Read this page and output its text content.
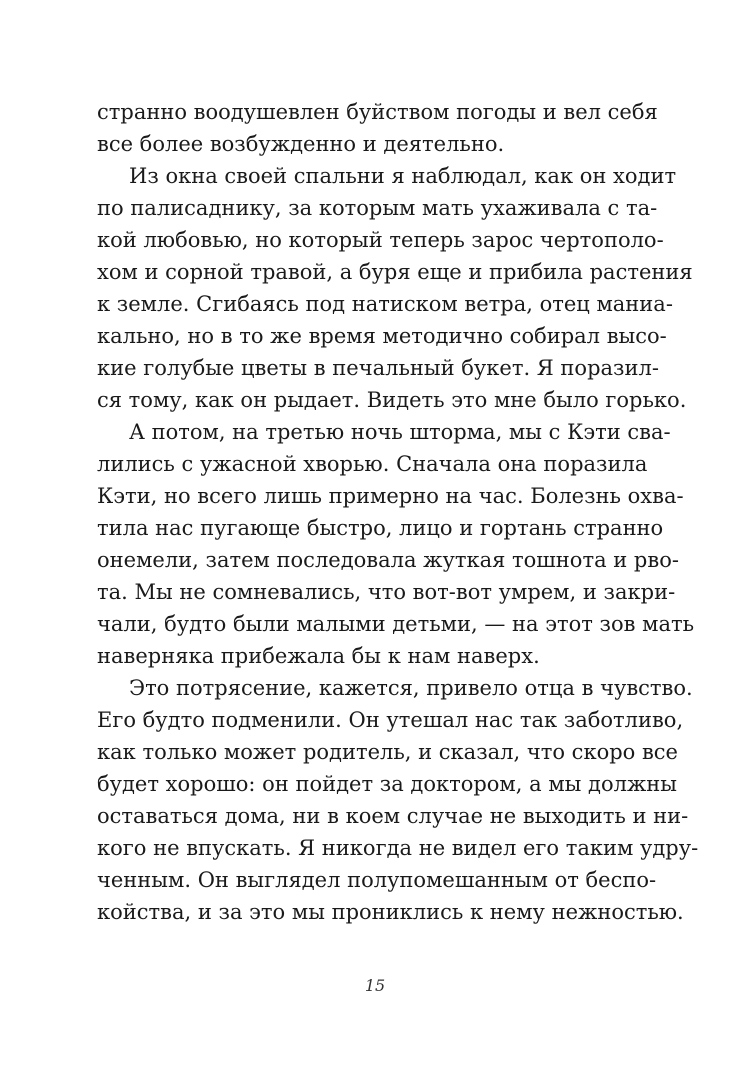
странно воодушевлен буйством погоды и вел себя
все более возбужденно и деятельно.
Из окна своей спальни я наблюдал, как он ходит
по палисаднику, за которым мать ухаживала с та-
кой любовью, но который теперь зарос чертополо-
хом и сорной травой, а буря еще и прибила растения
к земле. Сгибаясь под натиском ветра, отец маниа-
кально, но в то же время методично собирал высо-
кие голубые цветы в печальный букет. Я поразил-
ся тому, как он рыдает. Видеть это мне было горько.
А потом, на третью ночь шторма, мы с Кэти сва-
лились с ужасной хворью. Сначала она поразила
Кэти, но всего лишь примерно на час. Болезнь охва-
тила нас пугающе быстро, лицо и гортань странно
онемели, затем последовала жуткая тошнота и рво-
та. Мы не сомневались, что вот-вот умрем, и закри-
чали, будто были малыми детьми, — на этот зов мать
наверняка прибежала бы к нам наверх.
Это потрясение, кажется, привело отца в чувство.
Его будто подменили. Он утешал нас так заботливо,
как только может родитель, и сказал, что скоро все
будет хорошо: он пойдет за доктором, а мы должны
оставаться дома, ни в коем случае не выходить и ни-
кого не впускать. Я никогда не видел его таким удру-
ченным. Он выглядел полупомешанным от беспо-
койства, и за это мы прониклись к нему нежностью.
15
